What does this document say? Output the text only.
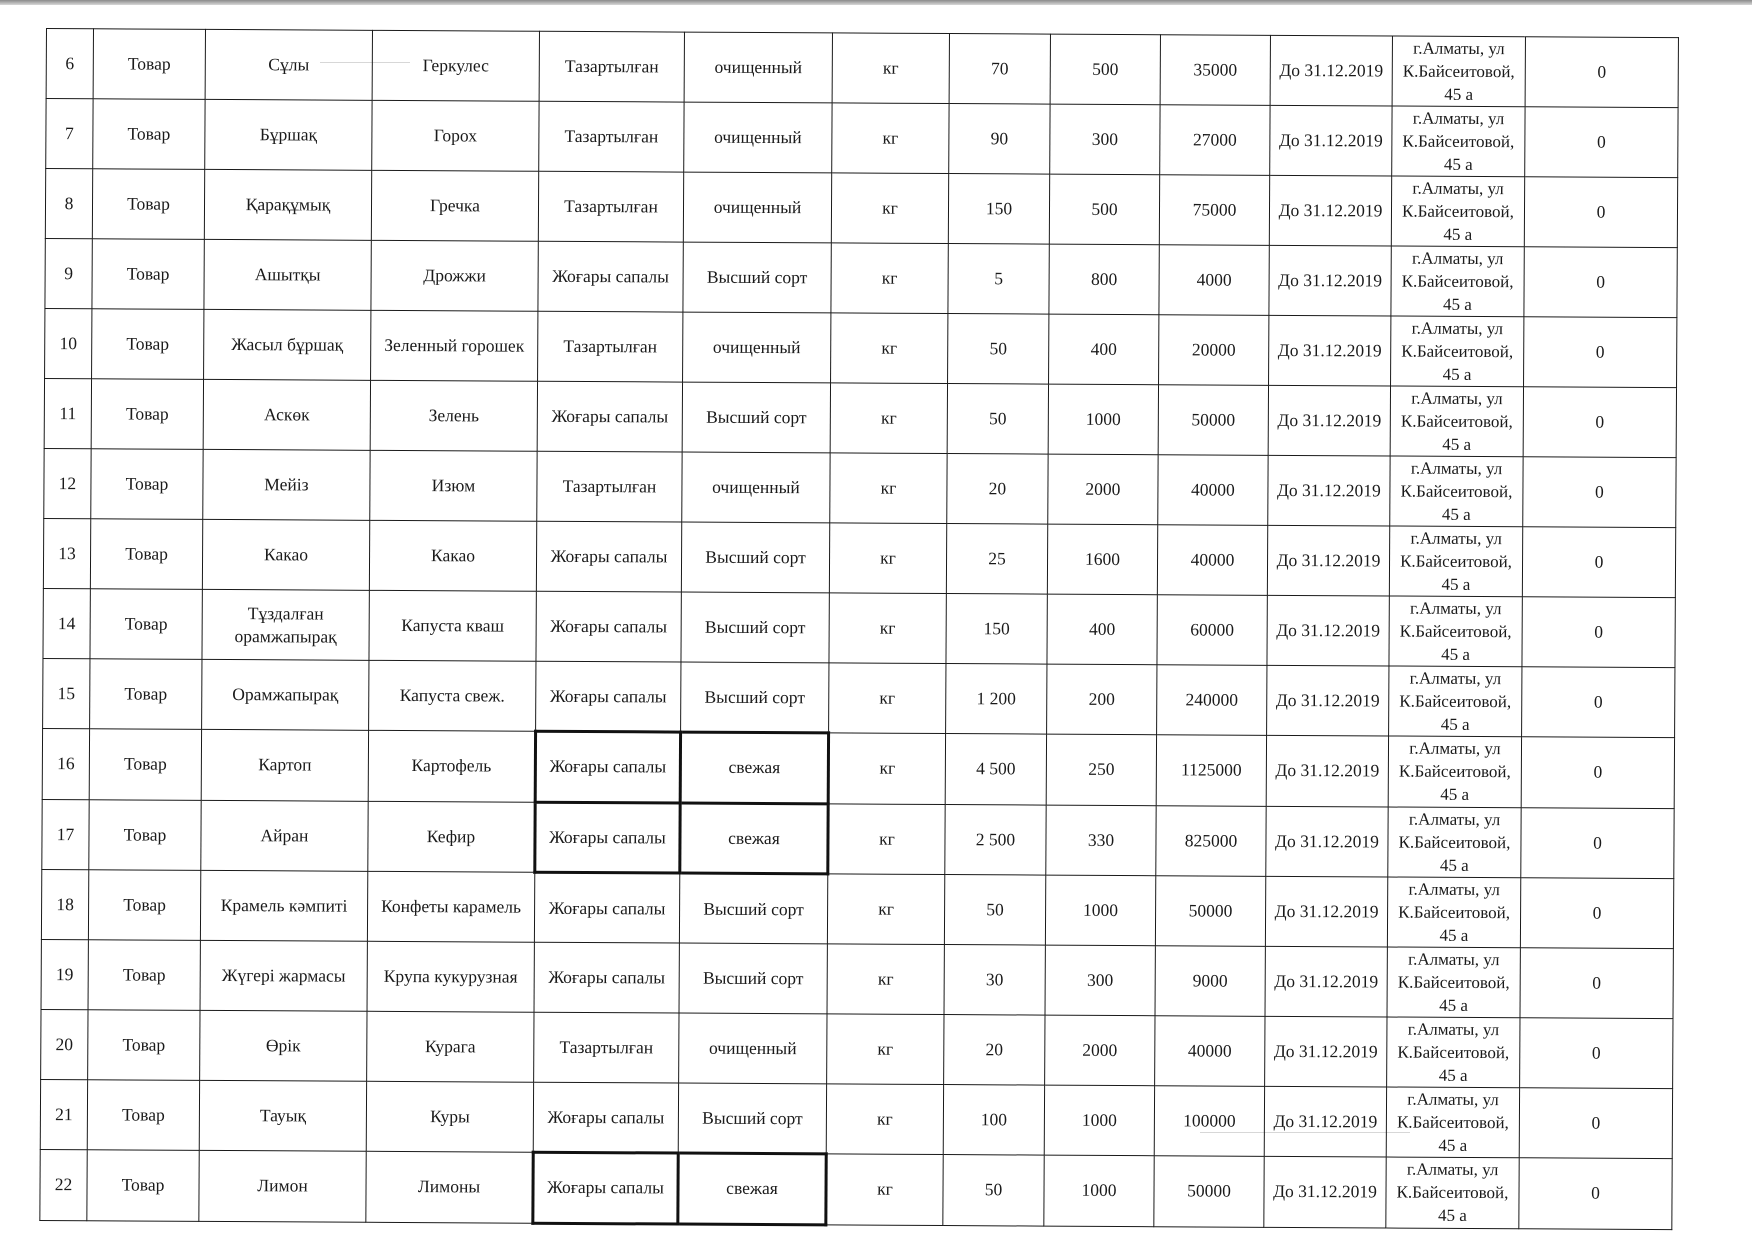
6	Товар	Сұлы	Геркулес	Тазартылған	очищенный	кг	70	500	35000	До 31.12.2019	г.Алматы, ул К.Байсеитовой, 45 а	0
7	Товар	Бұршақ	Горох	Тазартылған	очищенный	кг	90	300	27000	До 31.12.2019	г.Алматы, ул К.Байсеитовой, 45 а	0
8	Товар	Қарақұмық	Гречка	Тазартылған	очищенный	кг	150	500	75000	До 31.12.2019	г.Алматы, ул К.Байсеитовой, 45 а	0
9	Товар	Ашытқы	Дрожжи	Жоғары сапалы	Высший сорт	кг	5	800	4000	До 31.12.2019	г.Алматы, ул К.Байсеитовой, 45 а	0
10	Товар	Жасыл бұршақ	Зеленный горошек	Тазартылған	очищенный	кг	50	400	20000	До 31.12.2019	г.Алматы, ул К.Байсеитовой, 45 а	0
11	Товар	Аскөк	Зелень	Жоғары сапалы	Высший сорт	кг	50	1000	50000	До 31.12.2019	г.Алматы, ул К.Байсеитовой, 45 а	0
12	Товар	Мейіз	Изюм	Тазартылған	очищенный	кг	20	2000	40000	До 31.12.2019	г.Алматы, ул К.Байсеитовой, 45 а	0
13	Товар	Какао	Какао	Жоғары сапалы	Высший сорт	кг	25	1600	40000	До 31.12.2019	г.Алматы, ул К.Байсеитовой, 45 а	0
14	Товар	Тұздалған орамжапырақ	Капуста кваш	Жоғары сапалы	Высший сорт	кг	150	400	60000	До 31.12.2019	г.Алматы, ул К.Байсеитовой, 45 а	0
15	Товар	Орамжапырақ	Капуста свеж.	Жоғары сапалы	Высший сорт	кг	1 200	200	240000	До 31.12.2019	г.Алматы, ул К.Байсеитовой, 45 а	0
16	Товар	Картоп	Картофель	Жоғары сапалы	свежая	кг	4 500	250	1125000	До 31.12.2019	г.Алматы, ул К.Байсеитовой, 45 а	0
17	Товар	Айран	Кефир	Жоғары сапалы	свежая	кг	2 500	330	825000	До 31.12.2019	г.Алматы, ул К.Байсеитовой, 45 а	0
18	Товар	Крамель кәмпиті	Конфеты карамель	Жоғары сапалы	Высший сорт	кг	50	1000	50000	До 31.12.2019	г.Алматы, ул К.Байсеитовой, 45 а	0
19	Товар	Жүгері жармасы	Крупа кукурузная	Жоғары сапалы	Высший сорт	кг	30	300	9000	До 31.12.2019	г.Алматы, ул К.Байсеитовой, 45 а	0
20	Товар	Өрік	Курага	Тазартылған	очищенный	кг	20	2000	40000	До 31.12.2019	г.Алматы, ул К.Байсеитовой, 45 а	0
21	Товар	Тауық	Куры	Жоғары сапалы	Высший сорт	кг	100	1000	100000	До 31.12.2019	г.Алматы, ул К.Байсеитовой, 45 а	0
22	Товар	Лимон	Лимоны	Жоғары сапалы	свежая	кг	50	1000	50000	До 31.12.2019	г.Алматы, ул К.Байсеитовой, 45 а	0
